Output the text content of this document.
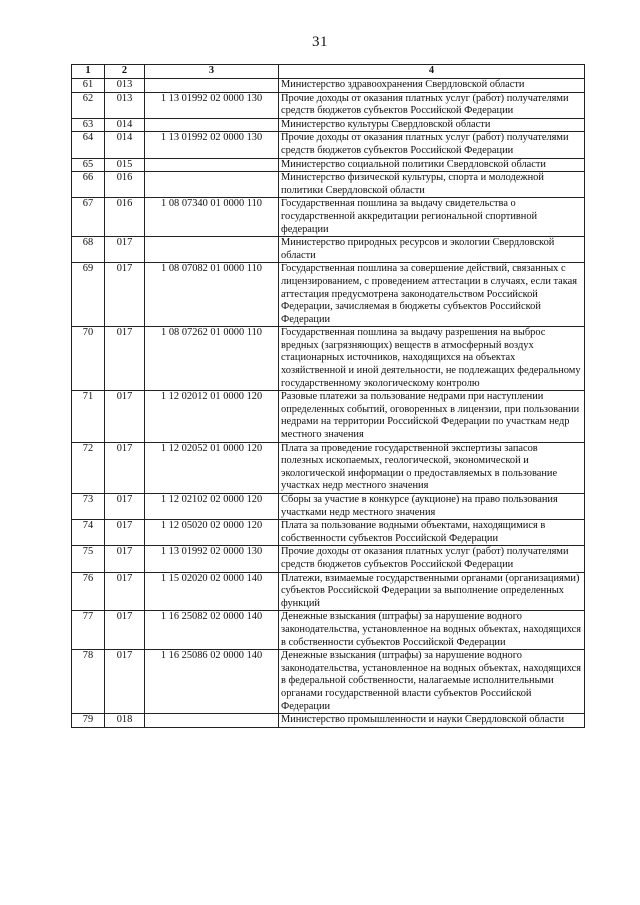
31
1	2	3	4
61	013		Министерство здравоохранения Свердловской области
62	013	1 13 01992 02 0000 130	Прочие доходы от оказания платных услуг (работ) получателями средств бюджетов субъектов Российской Федерации
63	014		Министерство культуры Свердловской области
64	014	1 13 01992 02 0000 130	Прочие доходы от оказания платных услуг (работ) получателями средств бюджетов субъектов Российской Федерации
65	015		Министерство социальной политики Свердловской области
66	016		Министерство физической культуры, спорта и молодежной политики Свердловской области
67	016	1 08 07340 01 0000 110	Государственная пошлина за выдачу свидетельства о государственной аккредитации региональной спортивной федерации
68	017		Министерство природных ресурсов и экологии Свердловской области
69	017	1 08 07082 01 0000 110	Государственная пошлина за совершение действий, связанных с лицензированием, с проведением аттестации в случаях, если такая аттестация предусмотрена законодательством Российской Федерации, зачисляемая в бюджеты субъектов Российской Федерации
70	017	1 08 07262 01 0000 110	Государственная пошлина за выдачу разрешения на выброс вредных (загрязняющих) веществ в атмосферный воздух стационарных источников, находящихся на объектах хозяйственной и иной деятельности, не подлежащих федеральному государственному экологическому контролю
71	017	1 12 02012 01 0000 120	Разовые платежи за пользование недрами при наступлении определенных событий, оговоренных в лицензии, при пользовании недрами на территории Российской Федерации по участкам недр местного значения
72	017	1 12 02052 01 0000 120	Плата за проведение государственной экспертизы запасов полезных ископаемых, геологической, экономической и экологической информации о предоставляемых в пользование участках недр местного значения
73	017	1 12 02102 02 0000 120	Сборы за участие в конкурсе (аукционе) на право пользования участками недр местного значения
74	017	1 12 05020 02 0000 120	Плата за пользование водными объектами, находящимися в собственности субъектов Российской Федерации
75	017	1 13 01992 02 0000 130	Прочие доходы от оказания платных услуг (работ) получателями средств бюджетов субъектов Российской Федерации
76	017	1 15 02020 02 0000 140	Платежи, взимаемые государственными органами (организациями) субъектов Российской Федерации за выполнение определенных функций
77	017	1 16 25082 02 0000 140	Денежные взыскания (штрафы) за нарушение водного законодательства, установленное на водных объектах, находящихся в собственности субъектов Российской Федерации
78	017	1 16 25086 02 0000 140	Денежные взыскания (штрафы) за нарушение водного законодательства, установленное на водных объектах, находящихся в федеральной собственности, налагаемые исполнительными органами государственной власти субъектов Российской Федерации
79	018		Министерство промышленности и науки Свердловской области
